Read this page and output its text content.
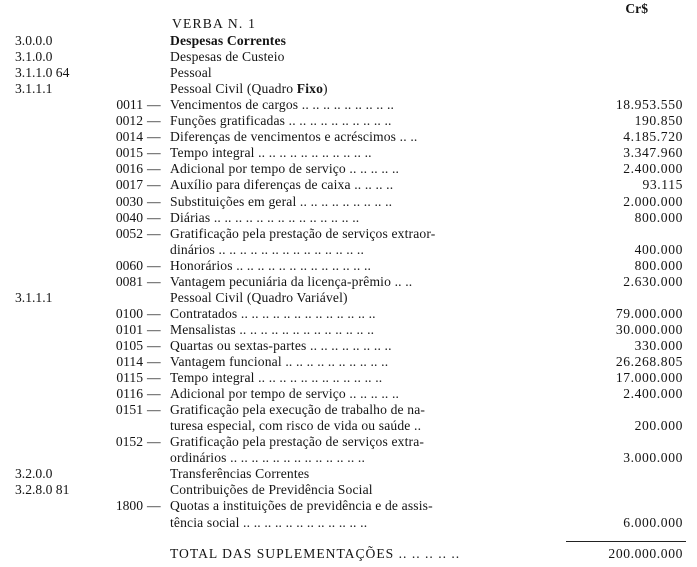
Cr$
VERBA N. 1
3.0.0.0	Despesas Correntes
3.1.0.0	Despesas de Custeio
3.1.1.0 64	Pessoal
3.1.1.1	Pessoal Civil (Quadro Fixo)
0011 — Vencimentos de cargos .. .. .. .. .. .. .. .. ..	18.953.550
0012 — Funções gratificadas .. .. .. .. .. .. .. .. .. ..	190.850
0014 — Diferenças de vencimentos e acréscimos .. ..	4.185.720
0015 — Tempo integral .. .. .. .. .. .. .. .. .. .. ..	3.347.960
0016 — Adicional por tempo de serviço .. .. .. .. ..	2.400.000
0017 — Auxílio para diferenças de caixa .. .. .. ..	93.115
0030 — Substituições em geral .. .. .. .. .. .. .. .. ..	2.000.000
0040 — Diárias .. .. .. .. .. .. .. .. .. .. .. .. .. ..	800.000
0052 — Gratificação pela prestação de serviços extraor-
dinários .. .. .. .. .. .. .. .. .. .. .. .. .. ..	400.000
0060 — Honorários .. .. .. .. .. .. .. .. .. .. .. .. ..	800.000
0081 — Vantagem pecuniária da licença-prêmio .. ..	2.630.000
3.1.1.1	Pessoal Civil (Quadro Variável)
0100 — Contratados .. .. .. .. .. .. .. .. .. .. .. .. ..	79.000.000
0101 — Mensalistas .. .. .. .. .. .. .. .. .. .. .. .. ..	30.000.000
0105 — Quartas ou sextas-partes .. .. .. .. .. .. .. ..	330.000
0114 — Vantagem funcional .. .. .. .. .. .. .. .. .. ..	26.268.805
0115 — Tempo integral .. .. .. .. .. .. .. .. .. .. .. ..	17.000.000
0116 — Adicional por tempo de serviço .. .. .. .. ..	2.400.000
0151 — Gratificação pela execução de trabalho de na-
turesa especial, com risco de vida ou saúde ..	200.000
0152 — Gratificação pela prestação de serviços extra-
ordinários .. .. .. .. .. .. .. .. .. .. .. .. ..	3.000.000
3.2.0.0	Transferências Correntes
3.2.8.0 81	Contribuições de Previdência Social
1800 — Quotas a instituições de previdência e de assis-
tência social .. .. .. .. .. .. .. .. .. .. .. ..	6.000.000
TOTAL DAS SUPLEMENTAÇÕES .. .. .. .. ..	200.000.000
